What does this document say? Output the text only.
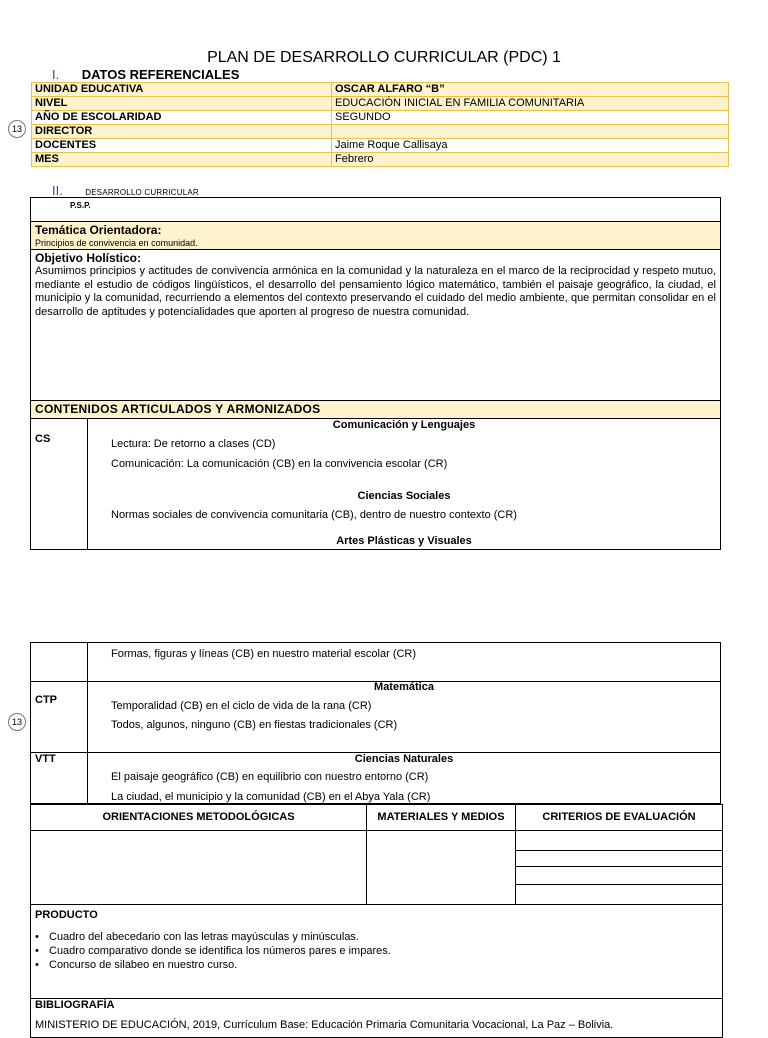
PLAN DE DESARROLLO CURRICULAR (PDC) 1
I. DATOS REFERENCIALES
UNIDAD EDUCATIVA	OSCAR ALFARO “B”
NIVEL	EDUCACIÓN INICIAL EN FAMILIA COMUNITARIA
AÑO DE ESCOLARIDAD	SEGUNDO
DIRECTOR	
DOCENTES	Jaime Roque Callisaya
MES	Febrero
13
II.	DESARROLLO CURRICULAR
P.S.P.
Temática Orientadora:
Principios de convivencia en comunidad.
Objetivo Holístico:
Asumimos principios y actitudes de convivencia armónica en la comunidad y la naturaleza en el marco de la reciprocidad y respeto mutuo, mediante el estudio de códigos lingüísticos, el desarrollo del pensamiento lógico matemático, también el paisaje geográfico, la ciudad, el municipio y la comunidad, recurriendo a elementos del contexto preservando el cuidado del medio ambiente, que permitan consolidar en el desarrollo de aptitudes y potencialidades que aporten al progreso de nuestra comunidad.
CONTENIDOS ARTICULADOS Y ARMONIZADOS
CS
Comunicación y Lenguajes
Lectura: De retorno a clases (CD)
Comunicación: La comunicación (CB) en la convivencia escolar (CR)
Ciencias Sociales
Normas sociales de convivencia comunitaria (CB), dentro de nuestro contexto (CR)
Artes Plásticas y Visuales
Formas, figuras y líneas (CB) en nuestro material escolar (CR)
CTP
Matemática
Temporalidad (CB) en el ciclo de vida de la rana (CR)
Todos, algunos, ninguno (CB) en fiestas tradicionales (CR)
VTT	Ciencias Naturales
El paisaje geográfico (CB) en equilibrio con nuestro entorno (CR)
La ciudad, el municipio y la comunidad (CB) en el Abya Yala (CR)
13
ORIENTACIONES METODOLÓGICAS	MATERIALES Y MEDIOS	CRITERIOS DE EVALUACIÓN
PRODUCTO
• Cuadro del abecedario con las letras mayúsculas y minúsculas.
• Cuadro comparativo donde se identifica los números pares e impares.
• Concurso de silabeo en nuestro curso.
BIBLIOGRAFÍA
MINISTERIO DE EDUCACIÓN, 2019, Currículum Base: Educación Primaria Comunitaria Vocacional, La Paz – Bolivia.
